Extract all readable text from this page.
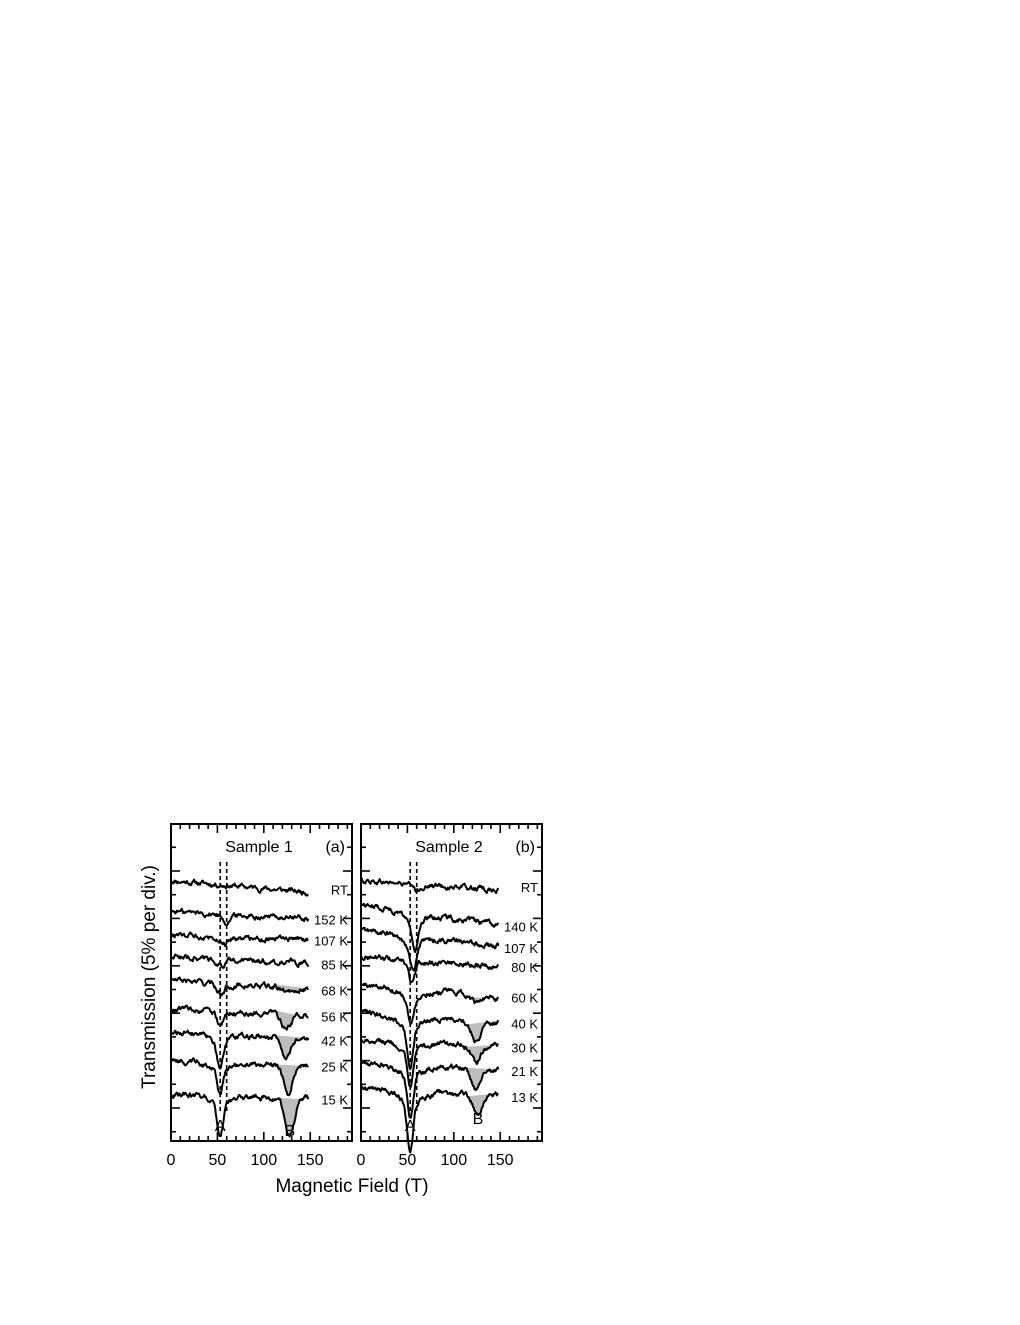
0 50 100 150
Sample 1 (a)
RT
152 K
107 K
85 K
68 K
56 K
42 K
25 K
15 K
A	B
0 50 100 150
Sample 2 (b)
RT
140 K
107 K
80 K
60 K
40 K
30 K
21 K
13 K
A	B
Magnetic Field (T)
Transmission (5% per div.)
